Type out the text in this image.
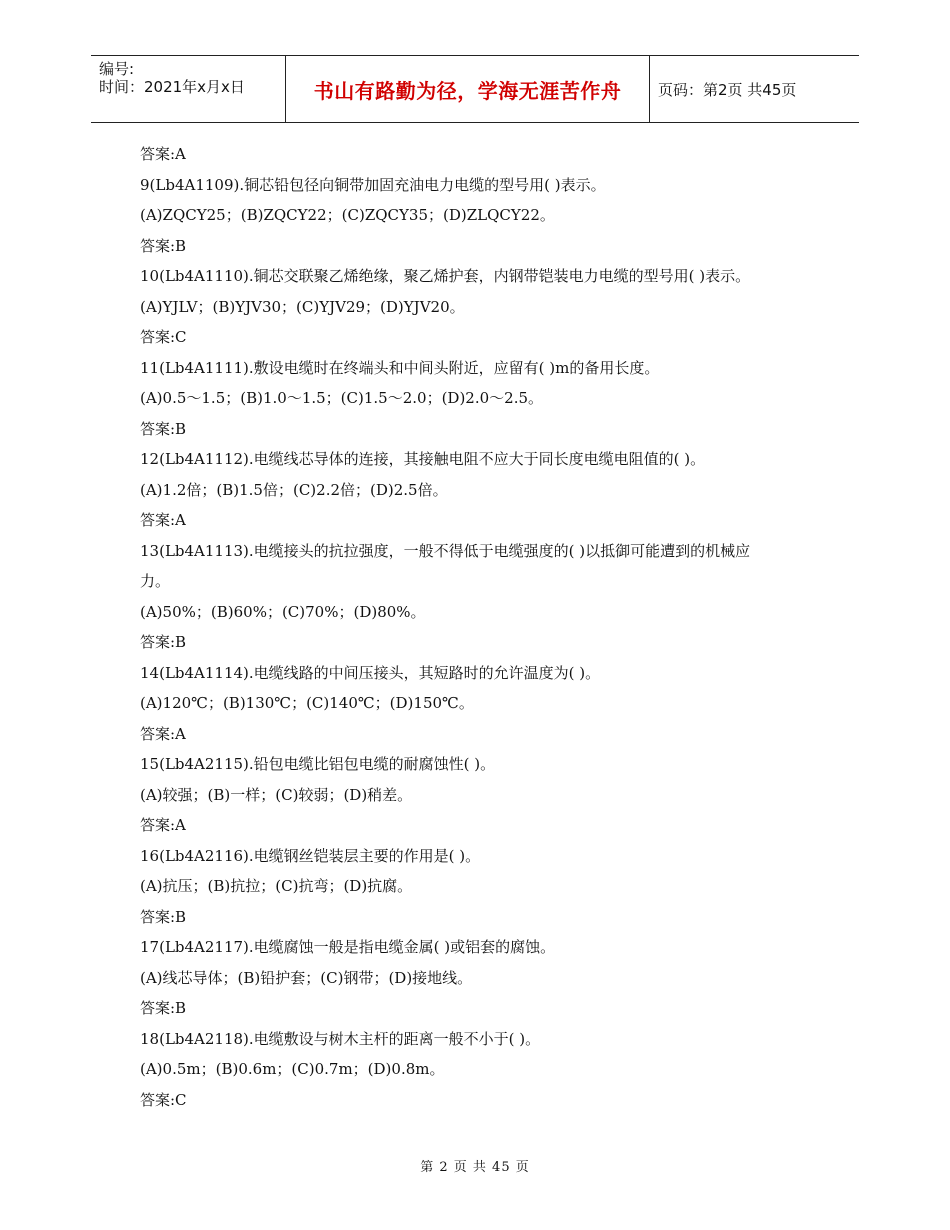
编号:
时间：2021年x月x日	书山有路勤为径，学海无涯苦作舟	页码：第2页 共45页
答案:A
9(Lb4A1109).铜芯铅包径向铜带加固充油电力电缆的型号用( )表示。
(A)ZQCY25；(B)ZQCY22；(C)ZQCY35；(D)ZLQCY22。
答案:B
10(Lb4A1110).铜芯交联聚乙烯绝缘，聚乙烯护套，内钢带铠装电力电缆的型号用( )表示。
(A)YJLV；(B)YJV30；(C)YJV29；(D)YJV20。
答案:C
11(Lb4A1111).敷设电缆时在终端头和中间头附近，应留有( )m的备用长度。
(A)0.5～1.5；(B)1.0～1.5；(C)1.5～2.0；(D)2.0～2.5。
答案:B
12(Lb4A1112).电缆线芯导体的连接，其接触电阻不应大于同长度电缆电阻值的( )。
(A)1.2倍；(B)1.5倍；(C)2.2倍；(D)2.5倍。
答案:A
13(Lb4A1113).电缆接头的抗拉强度，一般不得低于电缆强度的( )以抵御可能遭到的机械应
力。
(A)50%；(B)60%；(C)70%；(D)80%。
答案:B
14(Lb4A1114).电缆线路的中间压接头，其短路时的允许温度为( )。
(A)120℃；(B)130℃；(C)140℃；(D)150℃。
答案:A
15(Lb4A2115).铅包电缆比铝包电缆的耐腐蚀性( )。
(A)较强；(B)一样；(C)较弱；(D)稍差。
答案:A
16(Lb4A2116).电缆钢丝铠装层主要的作用是( )。
(A)抗压；(B)抗拉；(C)抗弯；(D)抗腐。
答案:B
17(Lb4A2117).电缆腐蚀一般是指电缆金属( )或铝套的腐蚀。
(A)线芯导体；(B)铅护套；(C)钢带；(D)接地线。
答案:B
18(Lb4A2118).电缆敷设与树木主杆的距离一般不小于( )。
(A)0.5m；(B)0.6m；(C)0.7m；(D)0.8m。
答案:C
第 2 页 共 45 页
